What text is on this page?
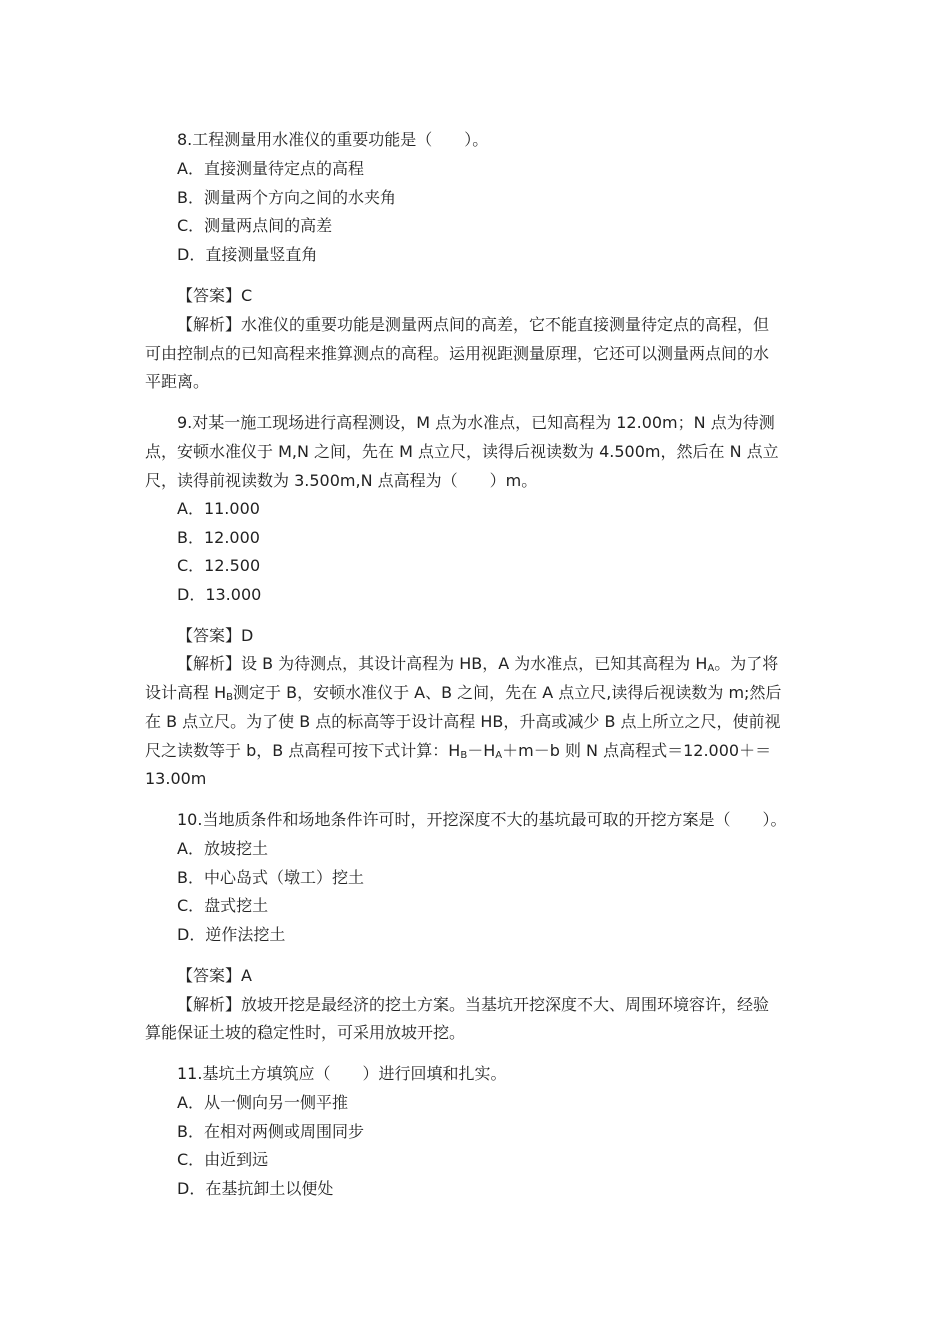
8.工程测量用水准仪的重要功能是（　　）。
A．直接测量待定点的高程
B．测量两个方向之间的水夹角
C．测量两点间的高差
D．直接测量竖直角
【答案】C
【解析】水准仪的重要功能是测量两点间的高差，它不能直接测量待定点的高程，但
可由控制点的已知高程来推算测点的高程。运用视距测量原理，它还可以测量两点间的水
平距离。
9.对某一施工现场进行高程测设，M 点为水准点，已知高程为 12.00m；N 点为待测
点，安顿水准仪于 M,N 之间，先在 M 点立尺，读得后视读数为 4.500m，然后在 N 点立
尺，读得前视读数为 3.500m,N 点高程为（　　）m。
A．11.000
B．12.000
C．12.500
D．13.000
【答案】D
【解析】设 B 为待测点，其设计高程为 HB，A 为水准点，已知其高程为 $H_A$。为了将
设计高程 $H_B$测定于 B，安顿水准仪于 A、B 之间，先在 A 点立尺,读得后视读数为 m;然后
在 B 点立尺。为了使 B 点的标高等于设计高程 HB，升高或减少 B 点上所立之尺，使前视
尺之读数等于 b，B 点高程可按下式计算：$H_B-H_A+m-b$ 则 N 点高程式＝12.000＋＝
13.00m
10.当地质条件和场地条件许可时，开挖深度不大的基坑最可取的开挖方案是（　　）。
A．放坡挖土
B．中心岛式（墩工）挖土
C．盘式挖土
D．逆作法挖土
【答案】A
【解析】放坡开挖是最经济的挖土方案。当基坑开挖深度不大、周围环境容许，经验
算能保证土坡的稳定性时，可采用放坡开挖。
11.基坑土方填筑应（　　）进行回填和扎实。
A．从一侧向另一侧平推
B．在相对两侧或周围同步
C．由近到远
D．在基抗卸土以便处
